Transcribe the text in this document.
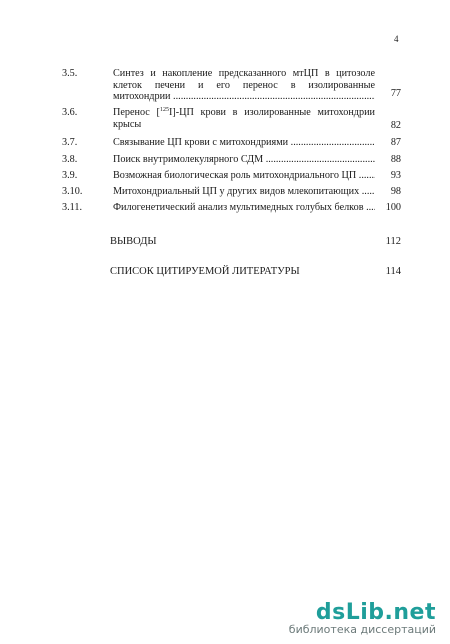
4
3.5.	Синтез и накопление предсказанного мтЦП в цитозоле
клеток печени и его перенос в изолированные
митохондрии .....	77
3.6.	Перенос [$^{125}$I]-ЦП крови в изолированные митохондрии
крысы	82
3.7.	Связывание ЦП крови с митохондриями .....	87
3.8.	Поиск внутримолекулярного СДМ .....	88
3.9.	Возможная биологическая роль митохондриального ЦП .....	93
3.10.	Митохондриальный ЦП у других видов млекопитающих .....	98
3.11.	Филогенетический анализ мультимедных голубых белков .....	100
ВЫВОДЫ	112
СПИСОК ЦИТИРУЕМОЙ ЛИТЕРАТУРЫ	114
dsLib.net
библиотека диссертаций
